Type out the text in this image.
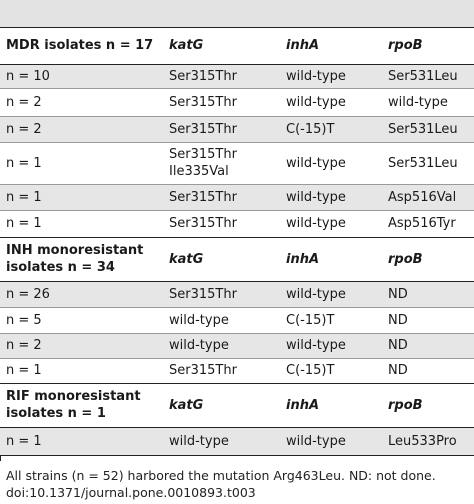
MDR isolates n = 17	katG	inhA	rpoB
n = 10	Ser315Thr	wild-type	Ser531Leu
n = 2	Ser315Thr	wild-type	wild-type
n = 2	Ser315Thr	C(-15)T	Ser531Leu
n = 1	Ser315Thr Ile335Val	wild-type	Ser531Leu
n = 1	Ser315Thr	wild-type	Asp516Val
n = 1	Ser315Thr	wild-type	Asp516Tyr
INH monoresistant isolates n = 34	katG	inhA	rpoB
n = 26	Ser315Thr	wild-type	ND
n = 5	wild-type	C(-15)T	ND
n = 2	wild-type	wild-type	ND
n = 1	Ser315Thr	C(-15)T	ND
RIF monoresistant isolates n = 1	katG	inhA	rpoB
n = 1	wild-type	wild-type	Leu533Pro
All strains (n = 52) harbored the mutation Arg463Leu. ND: not done.
doi:10.1371/journal.pone.0010893.t003
